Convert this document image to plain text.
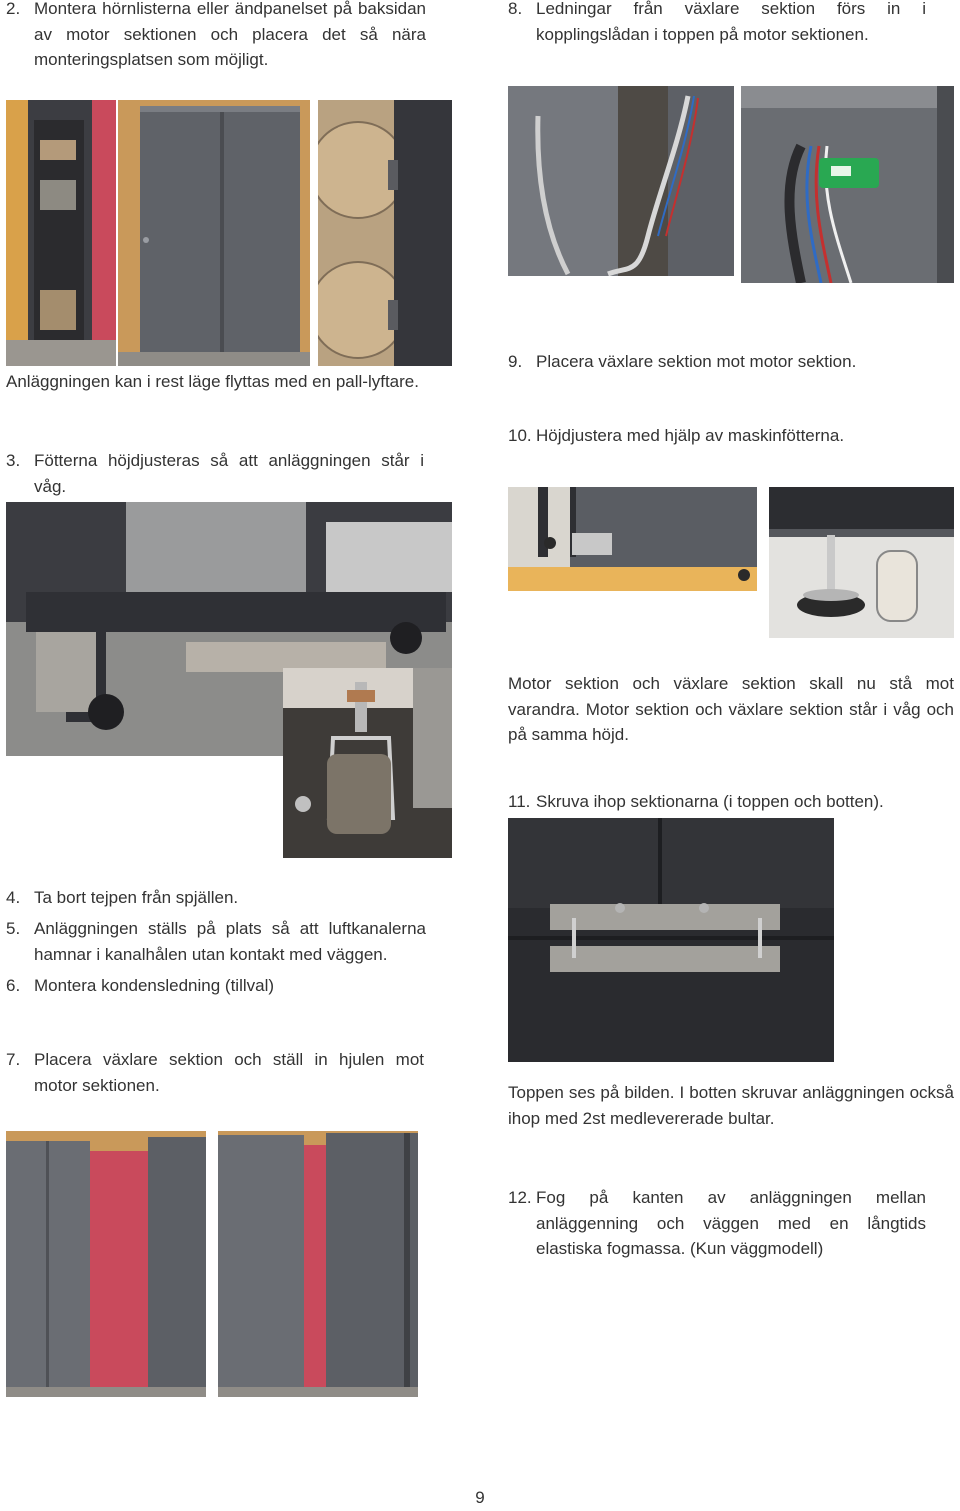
2. Montera hörnlisterna eller ändpanelset på baksidan av motor sektionen och placera det så nära monteringsplatsen som möjligt.
8. Ledningar från växlare sektion förs in i kopplingslådan i toppen på motor sektionen.
Anläggningen kan i rest läge flyttas med en pall-lyftare.
9. Placera växlare sektion mot motor sektion.
10. Höjdjustera med hjälp av maskinfötterna.
3. Fötterna höjdjusteras så att anläggningen står i våg.
Motor sektion och växlare sektion skall nu stå mot varandra. Motor sektion och växlare sektion står i våg och på samma höjd.
11. Skruva ihop sektionarna (i toppen och botten).
4. Ta bort tejpen från spjällen.
5. Anläggningen ställs på plats så att luftkanalerna hamnar i kanalhålen utan kontakt med väggen.
6. Montera kondensledning (tillval)
7. Placera växlare sektion och ställ in hjulen mot motor sektionen.	Toppen ses på bilden. I botten skruvar anläggningen också ihop med 2st medlevererade bultar.
12. Fog på kanten av anläggningen mellan anläggenning och väggen med en långtids elastiska fogmassa. (Kun väggmodell)
9
